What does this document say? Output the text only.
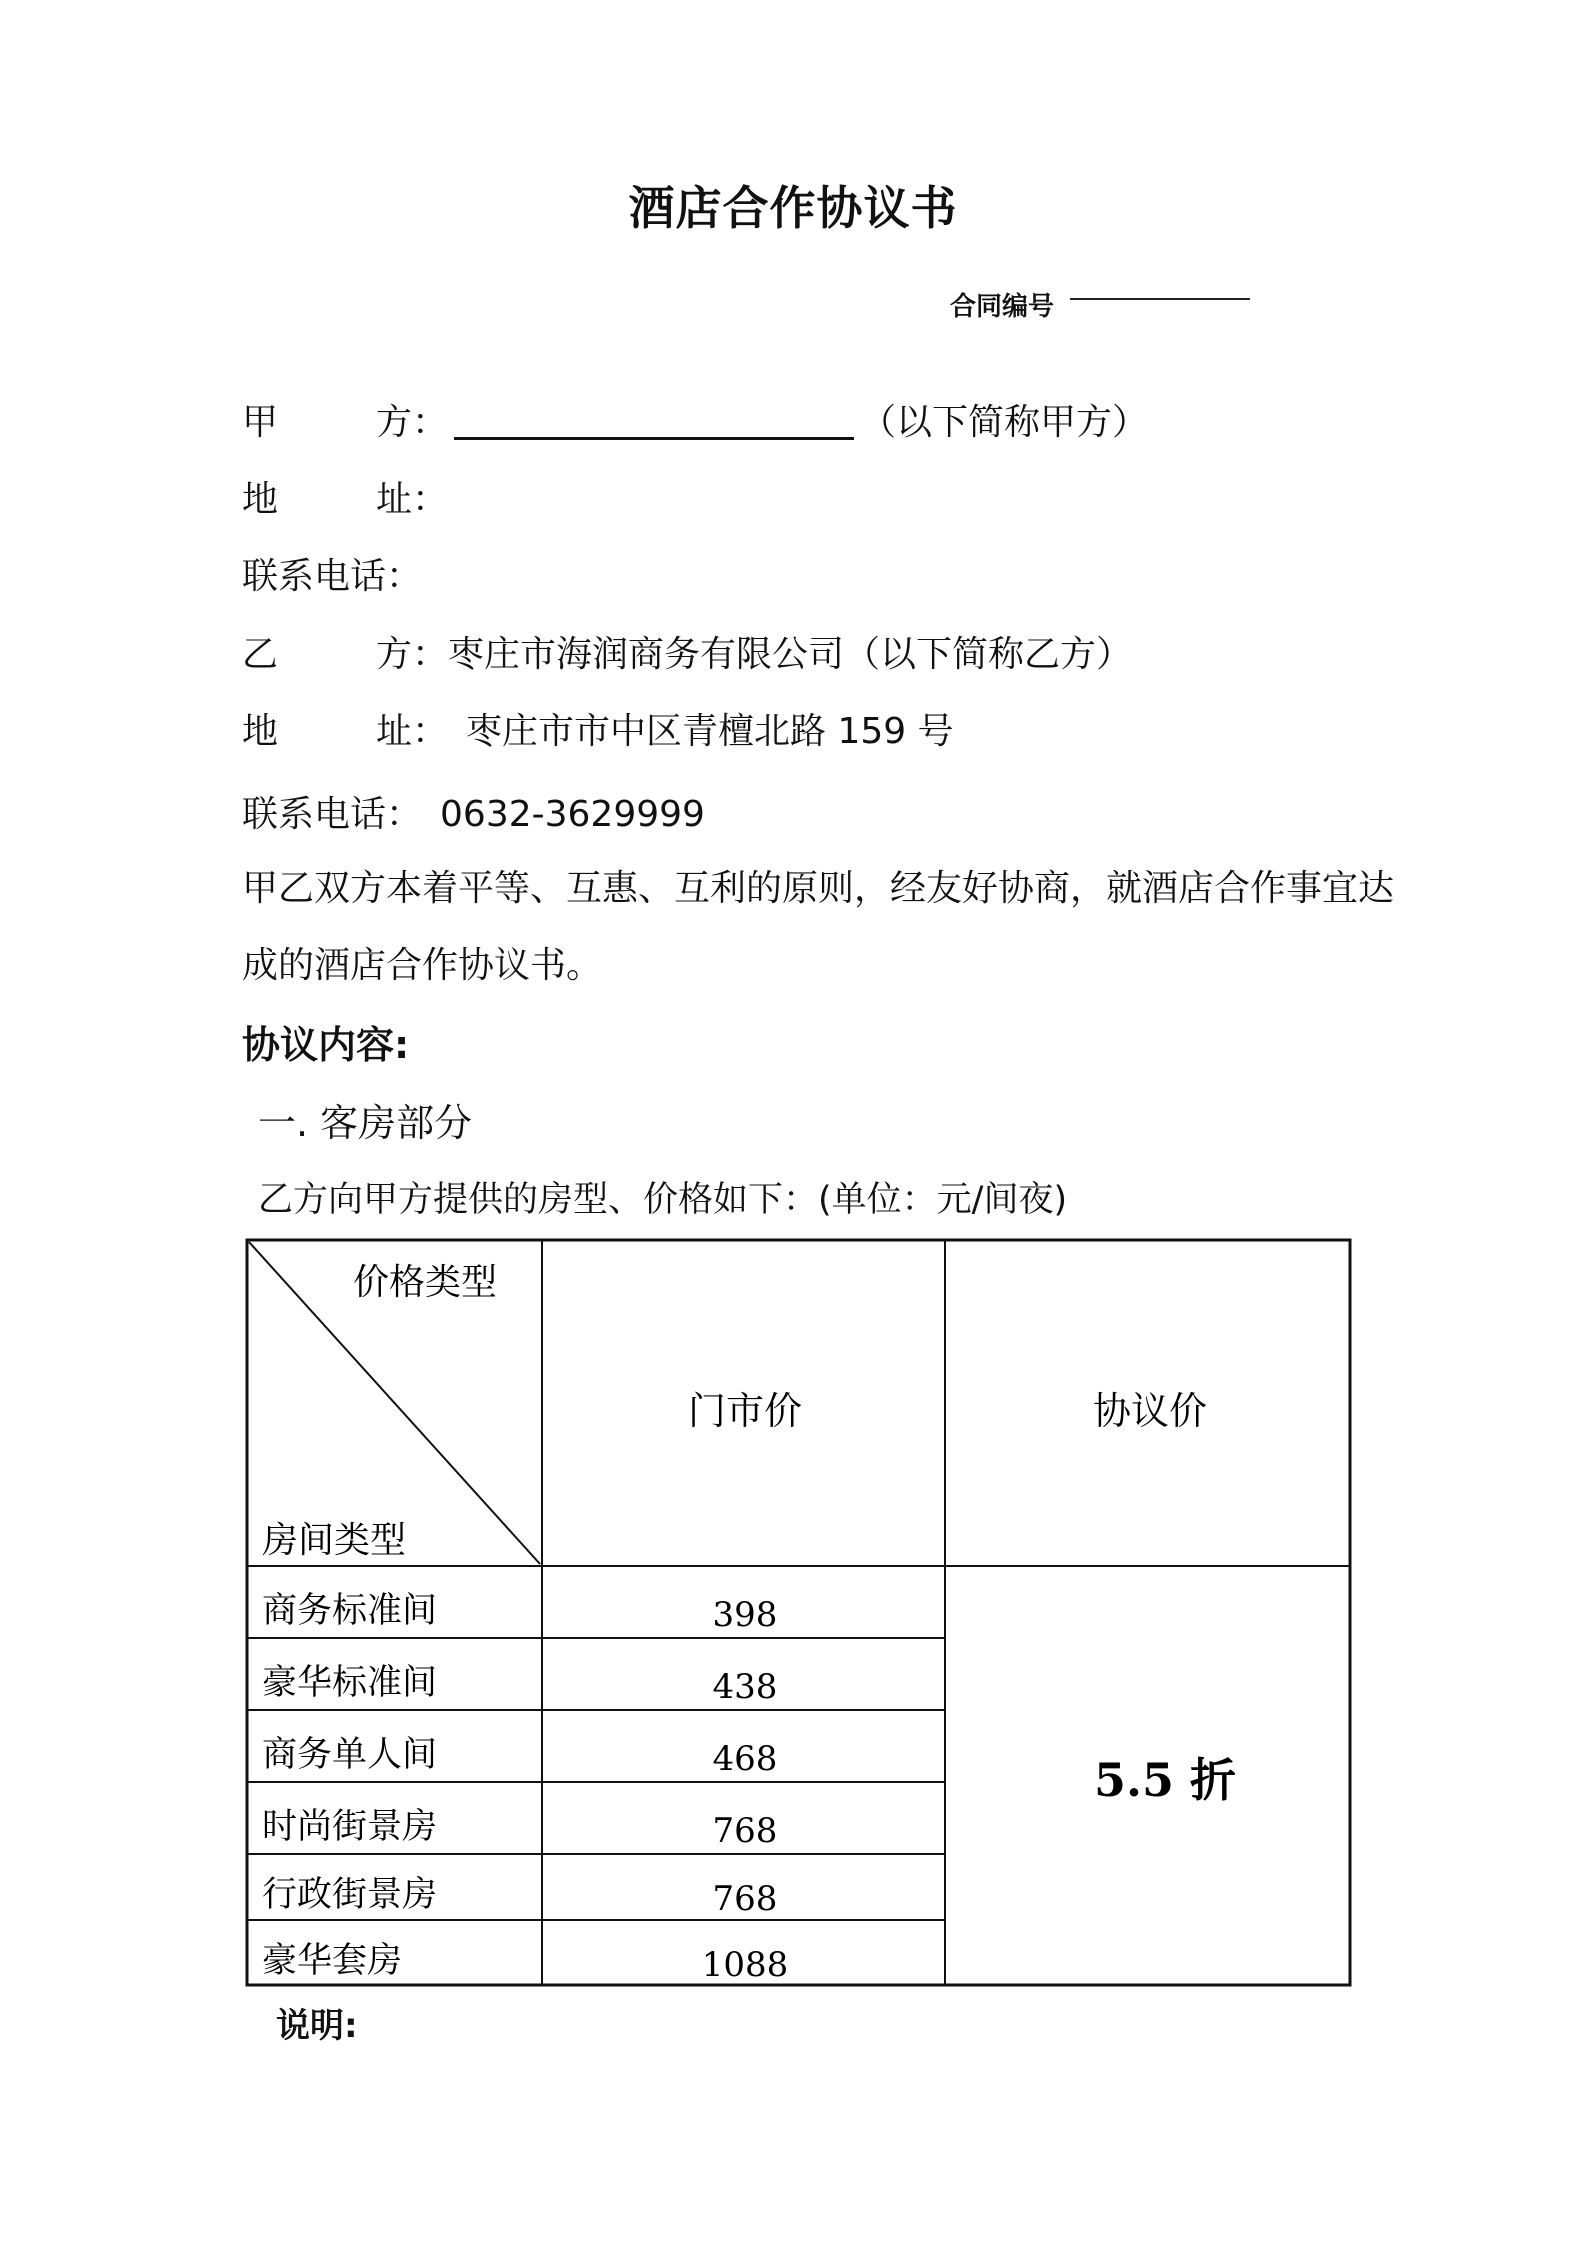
酒店合作协议书
合同编号
甲	方：	（以下简称甲方）
地	址：
联系电话：
乙	方：枣庄市海润商务有限公司（以下简称乙方）
地	址： 枣庄市市中区青檀北路 159 号
联系电话： 0632-3629999
甲乙双方本着平等、互惠、互利的原则，经友好协商，就酒店合作事宜达
成的酒店合作协议书。
协议内容:
一. 客房部分
乙方向甲方提供的房型、价格如下：(单位：元/间夜)
价格类型
房间类型
门市价	协议价
商务标准间	398
豪华标准间	438
商务单人间	468
时尚街景房	768
行政街景房	768
豪华套房	1088
5.5 折
说明:
